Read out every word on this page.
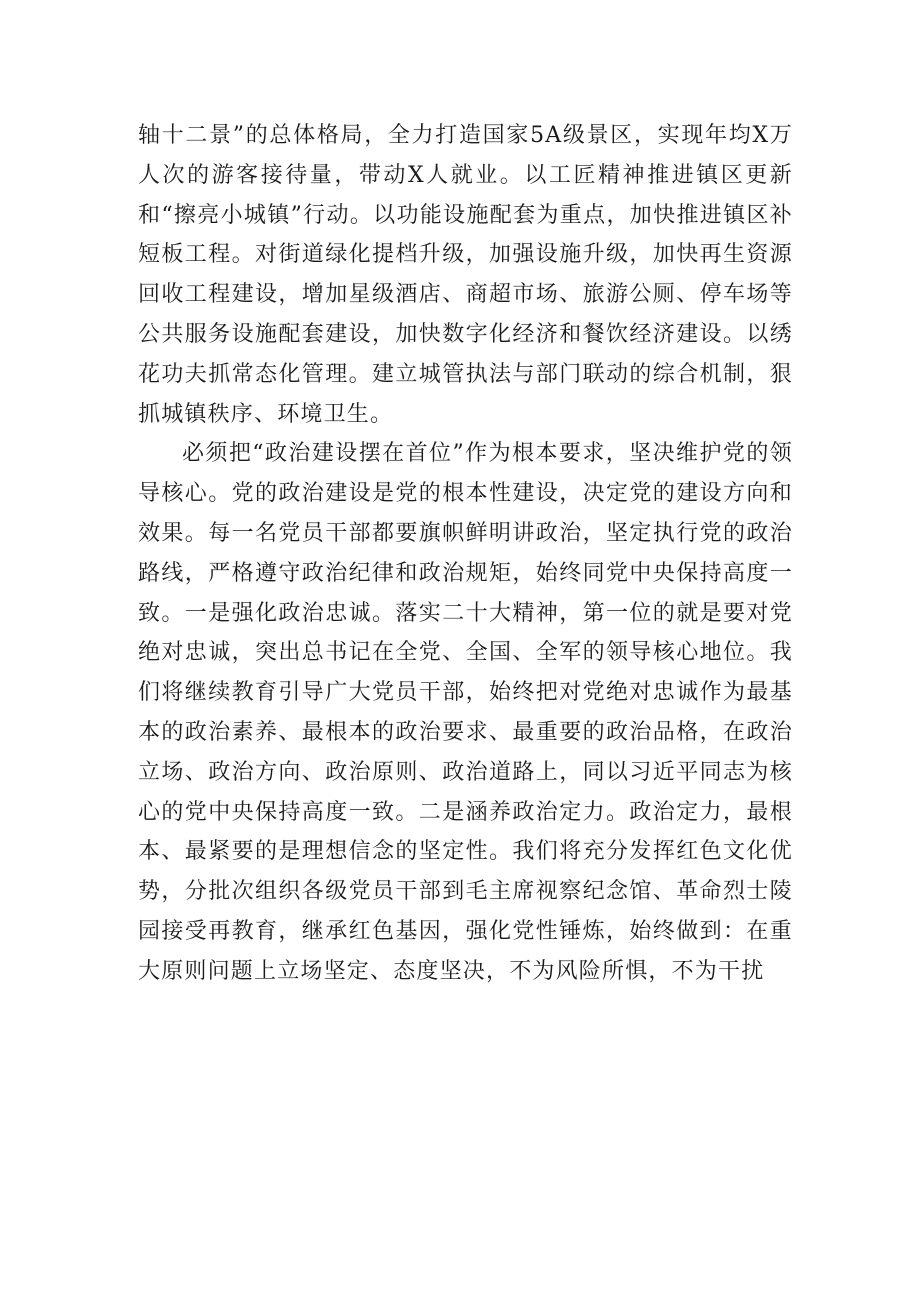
轴十二景”的总体格局，全力打造国家5A级景区，实现年均X万人次的游客接待量，带动X人就业。以工匠精神推进镇区更新和“擦亮小城镇”行动。以功能设施配套为重点，加快推进镇区补短板工程。对街道绿化提档升级，加强设施升级，加快再生资源回收工程建设，增加星级酒店、商超市场、旅游公厕、停车场等公共服务设施配套建设，加快数字化经济和餐饮经济建设。以绣花功夫抓常态化管理。建立城管执法与部门联动的综合机制，狠抓城镇秩序、环境卫生。

必须把“政治建设摆在首位”作为根本要求，坚决维护党的领导核心。党的政治建设是党的根本性建设，决定党的建设方向和效果。每一名党员干部都要旗帜鲜明讲政治，坚定执行党的政治路线，严格遵守政治纪律和政治规矩，始终同党中央保持高度一致。一是强化政治忠诚。落实二十大精神，第一位的就是要对党绝对忠诚，突出总书记在全党、全国、全军的领导核心地位。我们将继续教育引导广大党员干部，始终把对党绝对忠诚作为最基本的政治素养、最根本的政治要求、最重要的政治品格，在政治立场、政治方向、政治原则、政治道路上，同以习近平同志为核心的党中央保持高度一致。二是涵养政治定力。政治定力，最根本、最紧要的是理想信念的坚定性。我们将充分发挥红色文化优势，分批次组织各级党员干部到毛主席视察纪念馆、革命烈士陵园接受再教育，继承红色基因，强化党性锤炼，始终做到：在重大原则问题上立场坚定、态度坚决，不为风险所惧，不为干扰
